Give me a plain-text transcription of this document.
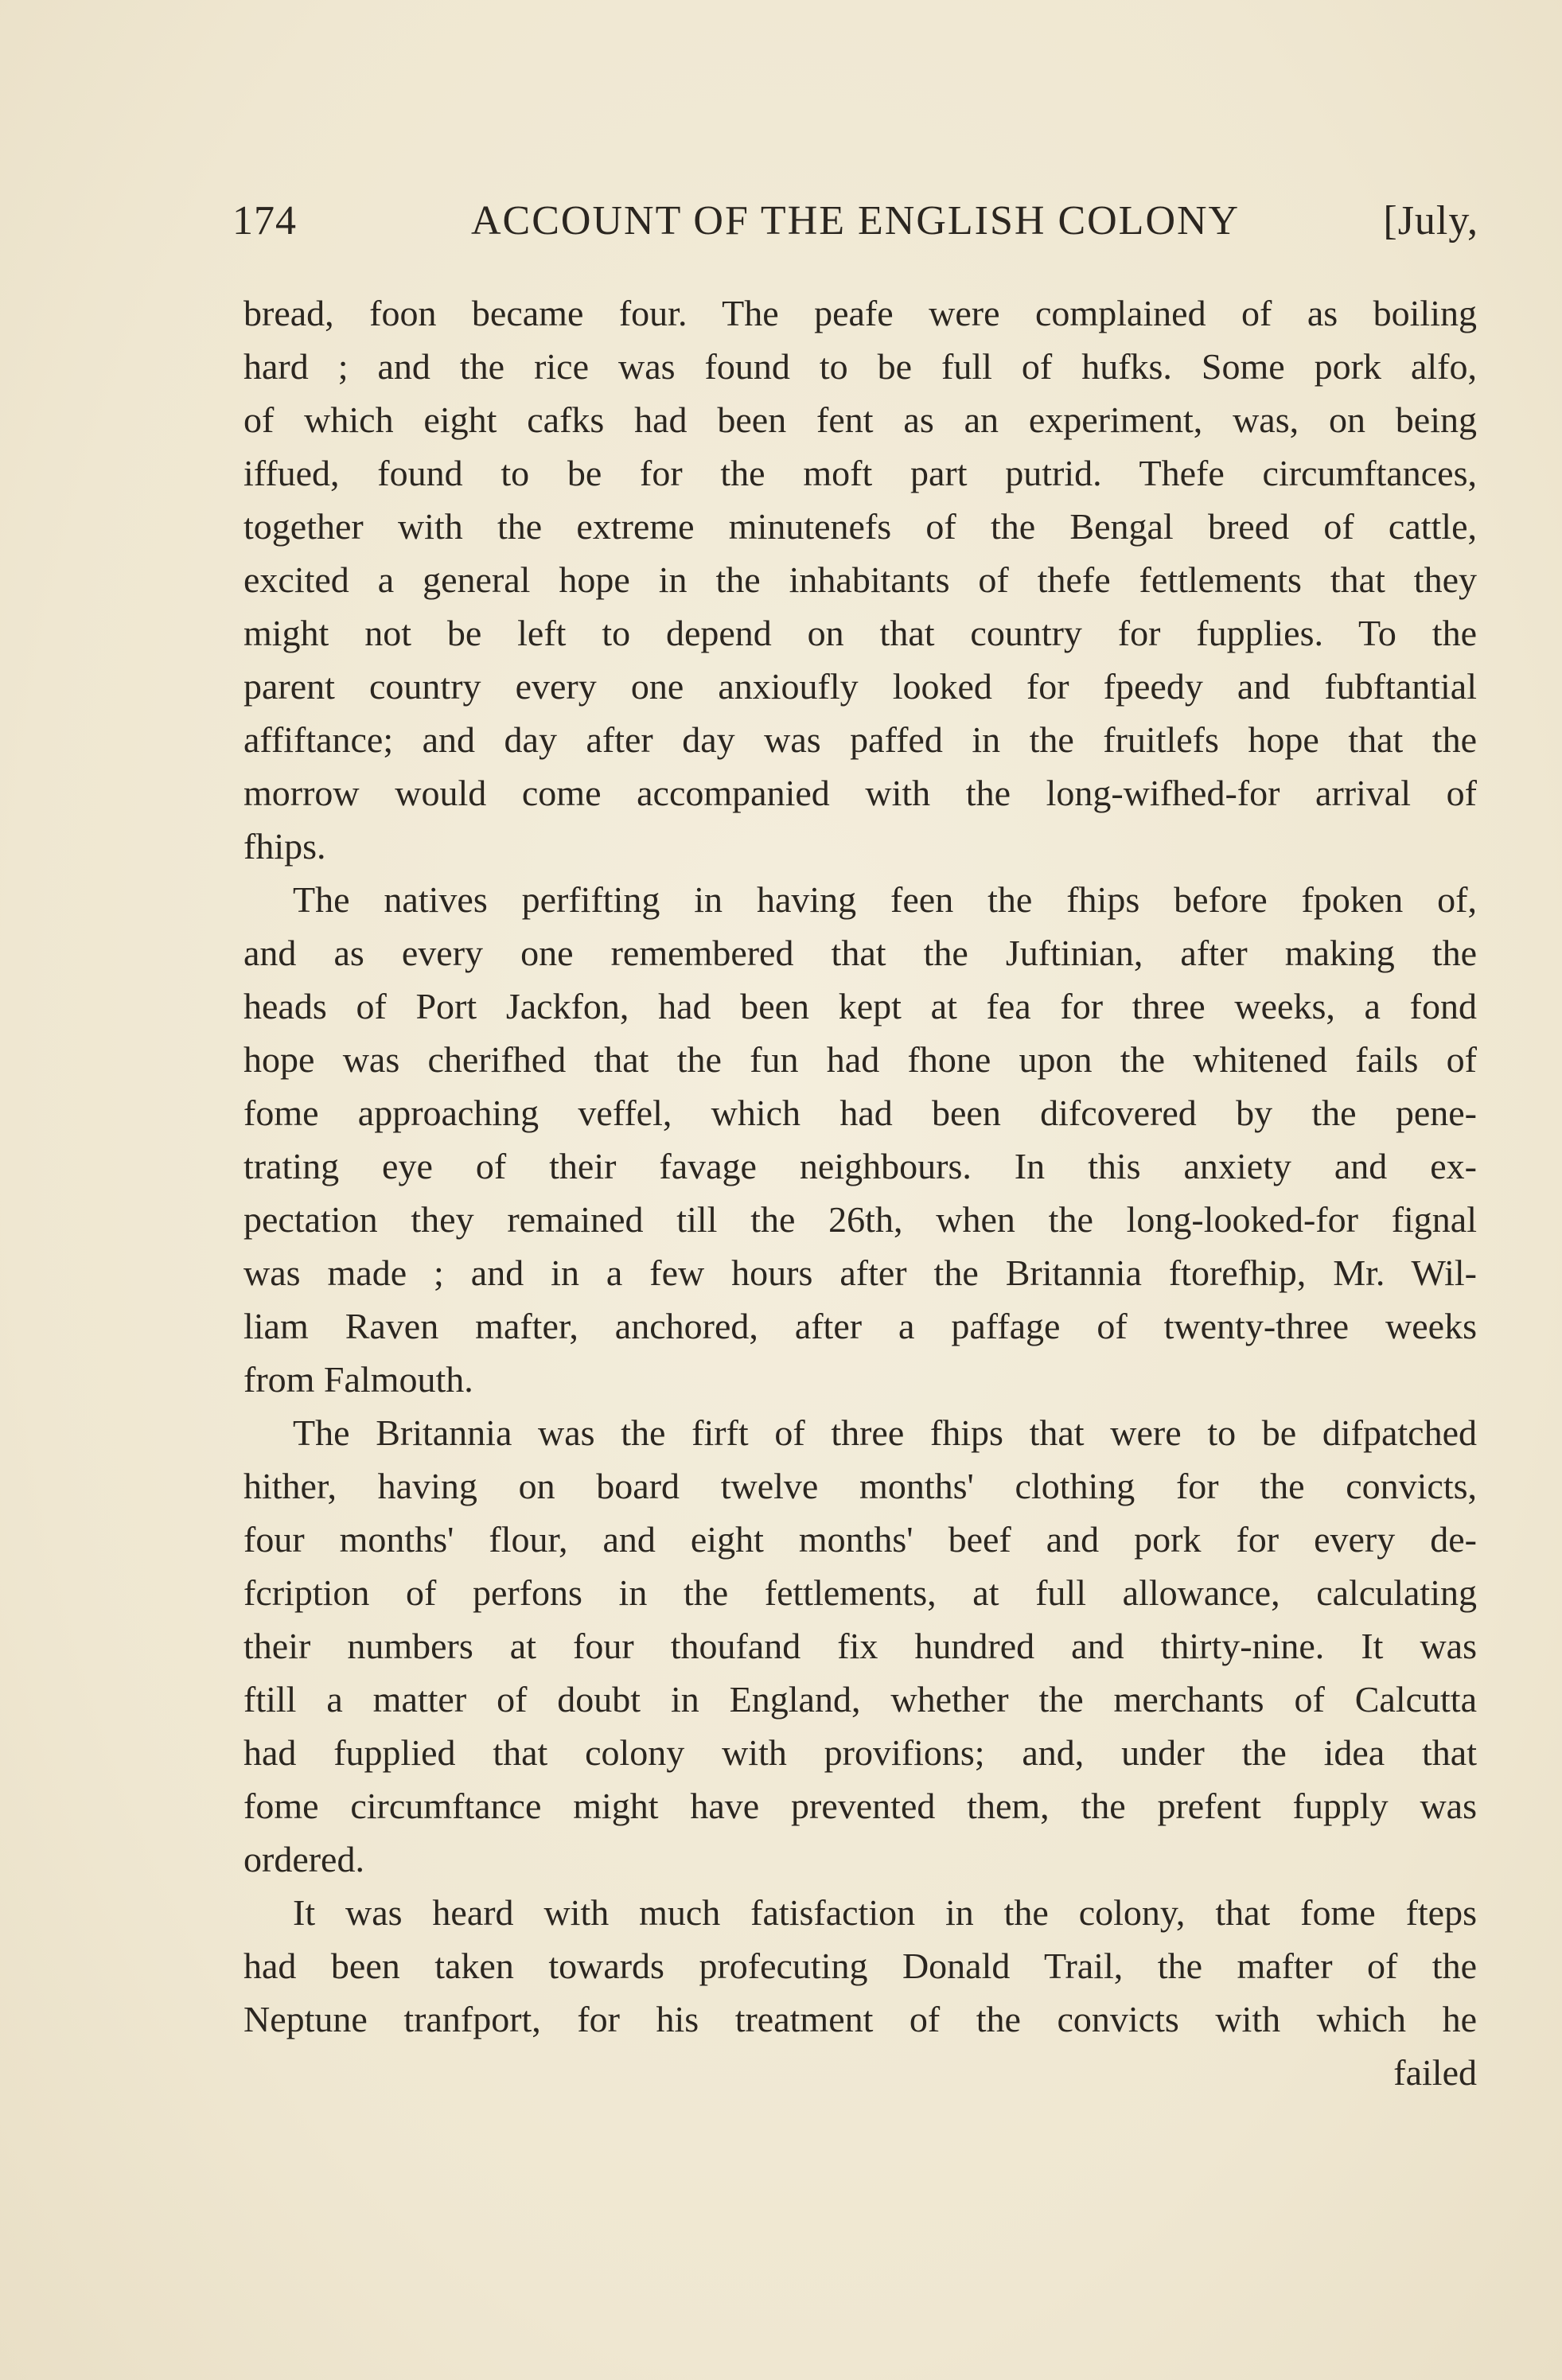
174	ACCOUNT OF THE ENGLISH COLONY	[July,
bread, foon became four. The peafe were complained of as boiling
hard ; and the rice was found to be full of hufks. Some pork alfo,
of which eight cafks had been fent as an experiment, was, on being
iffued, found to be for the moft part putrid. Thefe circumftances,
together with the extreme minutenefs of the Bengal breed of cattle,
excited a general hope in the inhabitants of thefe fettlements that they
might not be left to depend on that country for fupplies. To the
parent country every one anxioufly looked for fpeedy and fubftantial
affiftance; and day after day was paffed in the fruitlefs hope that the
morrow would come accompanied with the long-wifhed-for arrival of
fhips.
The natives perfifting in having feen the fhips before fpoken of,
and as every one remembered that the Juftinian, after making the
heads of Port Jackfon, had been kept at fea for three weeks, a fond
hope was cherifhed that the fun had fhone upon the whitened fails of
fome approaching veffel, which had been difcovered by the pene-
trating eye of their favage neighbours. In this anxiety and ex-
pectation they remained till the 26th, when the long-looked-for fignal
was made ; and in a few hours after the Britannia ftorefhip, Mr. Wil-
liam Raven mafter, anchored, after a paffage of twenty-three weeks
from Falmouth.
The Britannia was the firft of three fhips that were to be difpatched
hither, having on board twelve months' clothing for the convicts,
four months' flour, and eight months' beef and pork for every de-
fcription of perfons in the fettlements, at full allowance, calculating
their numbers at four thoufand fix hundred and thirty-nine. It was
ftill a matter of doubt in England, whether the merchants of Calcutta
had fupplied that colony with provifions; and, under the idea that
fome circumftance might have prevented them, the prefent fupply was
ordered.
It was heard with much fatisfaction in the colony, that fome fteps
had been taken towards profecuting Donald Trail, the mafter of the
Neptune tranfport, for his treatment of the convicts with which he
failed
